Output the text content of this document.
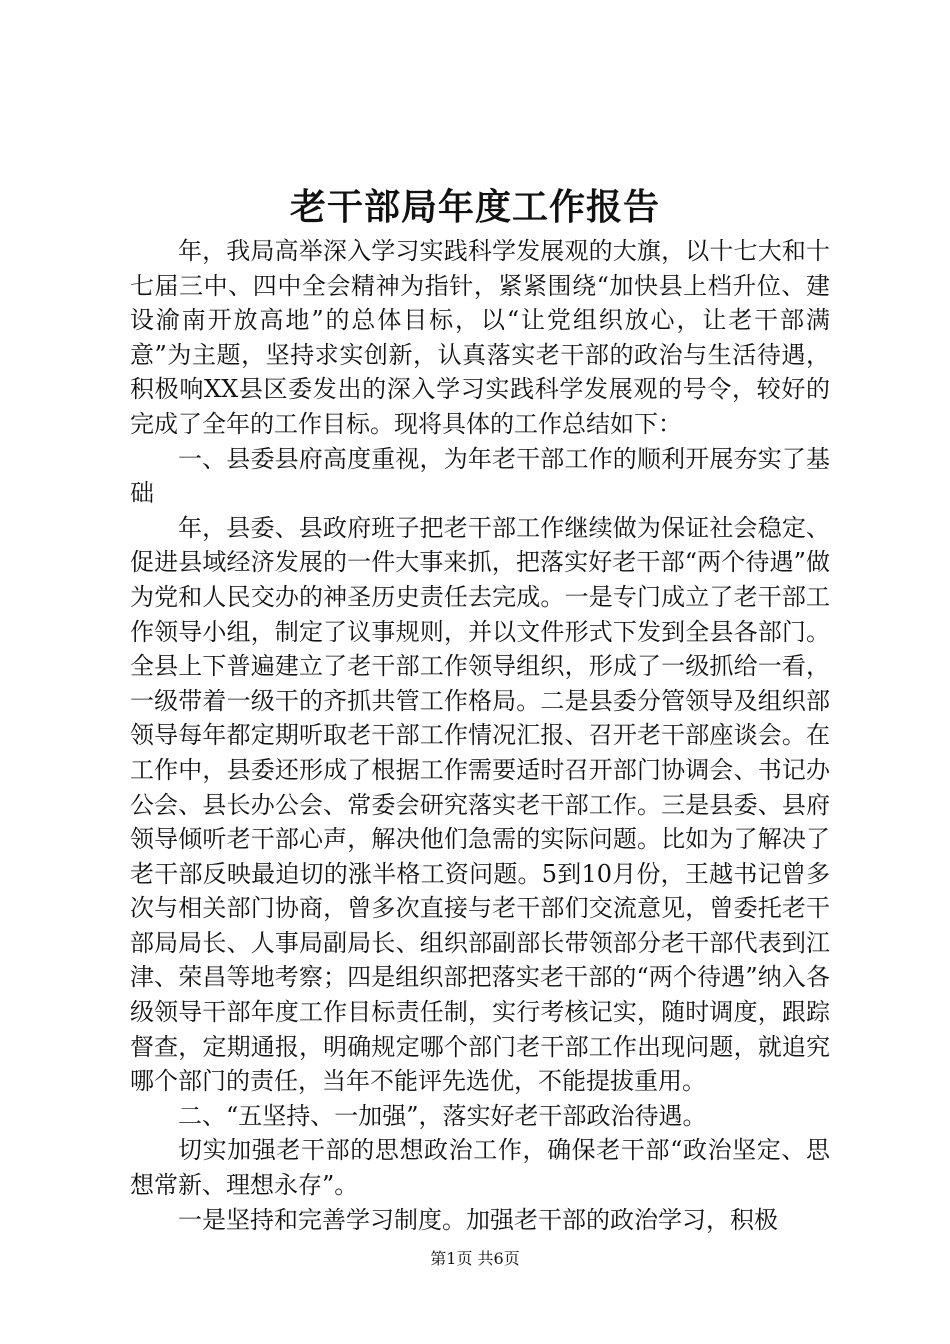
老干部局年度工作报告

年，我局高举深入学习实践科学发展观的大旗，以十七大和十七届三中、四中全会精神为指针，紧紧围绕“加快县上档升位、建设渝南开放高地”的总体目标，以“让党组织放心，让老干部满意”为主题，坚持求实创新，认真落实老干部的政治与生活待遇，积极响XX县区委发出的深入学习实践科学发展观的号令，较好的完成了全年的工作目标。现将具体的工作总结如下：

一、县委县府高度重视，为年老干部工作的顺利开展夯实了基础

年，县委、县政府班子把老干部工作继续做为保证社会稳定、促进县域经济发展的一件大事来抓，把落实好老干部“两个待遇”做为党和人民交办的神圣历史责任去完成。一是专门成立了老干部工作领导小组，制定了议事规则，并以文件形式下发到全县各部门。全县上下普遍建立了老干部工作领导组织，形成了一级抓给一看，一级带着一级干的齐抓共管工作格局。二是县委分管领导及组织部领导每年都定期听取老干部工作情况汇报、召开老干部座谈会。在工作中，县委还形成了根据工作需要适时召开部门协调会、书记办公会、县长办公会、常委会研究落实老干部工作。三是县委、县府领导倾听老干部心声，解决他们急需的实际问题。比如为了解决了老干部反映最迫切的涨半格工资问题。5到10月份，王越书记曾多次与相关部门协商，曾多次直接与老干部们交流意见，曾委托老干部局局长、人事局副局长、组织部副部长带领部分老干部代表到江津、荣昌等地考察；四是组织部把落实老干部的“两个待遇”纳入各级领导干部年度工作目标责任制，实行考核记实，随时调度，跟踪督查，定期通报，明确规定哪个部门老干部工作出现问题，就追究哪个部门的责任，当年不能评先选优，不能提拔重用。

二、“五坚持、一加强”，落实好老干部政治待遇。

切实加强老干部的思想政治工作，确保老干部“政治坚定、思想常新、理想永存”。

一是坚持和完善学习制度。加强老干部的政治学习，积极

第1页 共6页
